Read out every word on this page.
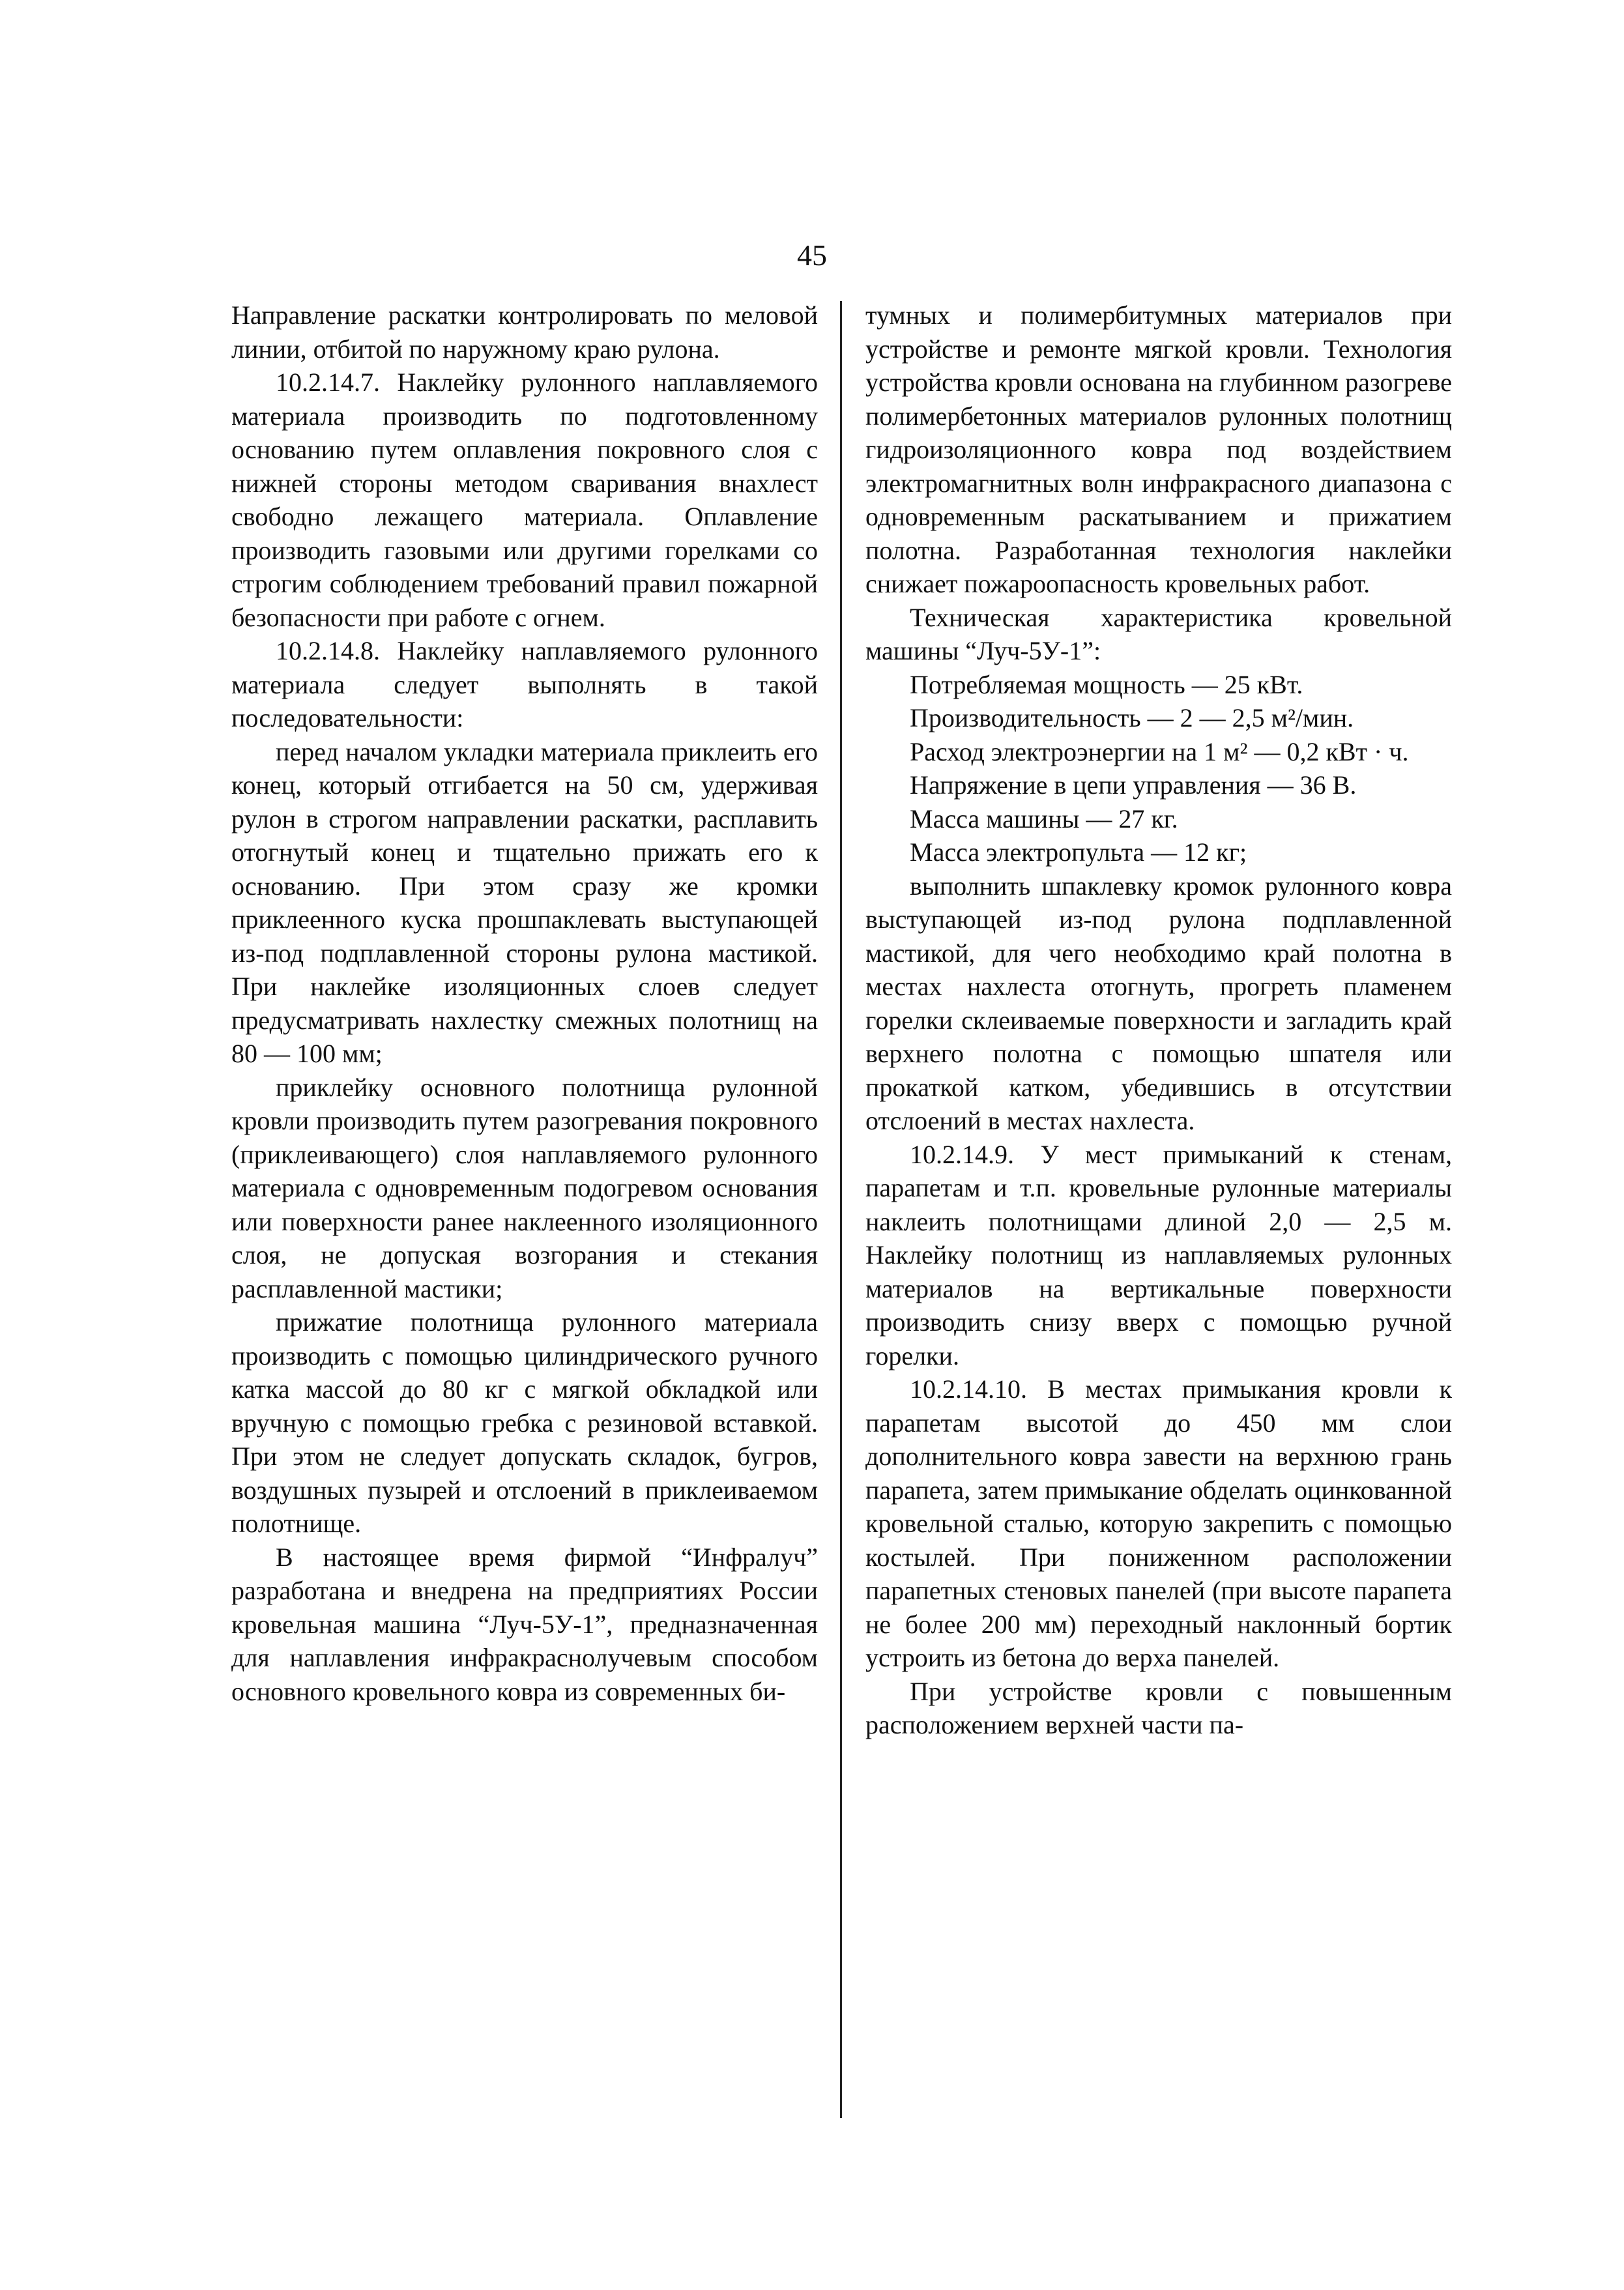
45

Направление раскатки контролировать по меловой линии, отбитой по наружному краю рулона.

10.2.14.7. Наклейку рулонного наплавляемого материала производить по подготовленному основанию путем оплавления покровного слоя с нижней стороны методом сваривания внахлест свободно лежащего материала. Оплавление производить газовыми или другими горелками со строгим соблюдением требований правил пожарной безопасности при работе с огнем.

10.2.14.8. Наклейку наплавляемого рулонного материала следует выполнять в такой последовательности:

перед началом укладки материала приклеить его конец, который отгибается на 50 см, удерживая рулон в строгом направлении раскатки, расплавить отогнутый конец и тщательно прижать его к основанию. При этом сразу же кромки приклеенного куска прошпаклевать выступающей из-под подплавленной стороны рулона мастикой. При наклейке изоляционных слоев следует предусматривать нахлестку смежных полотнищ на 80 — 100 мм;

приклейку основного полотнища рулонной кровли производить путем разогревания покровного (приклеивающего) слоя наплавляемого рулонного материала с одновременным подогревом основания или поверхности ранее наклеенного изоляционного слоя, не допуская возгорания и стекания расплавленной мастики;

прижатие полотнища рулонного материала производить с помощью цилиндрического ручного катка массой до 80 кг с мягкой обкладкой или вручную с помощью гребка с резиновой вставкой. При этом не следует допускать складок, бугров, воздушных пузырей и отслоений в приклеиваемом полотнище.

В настоящее время фирмой “Инфралуч” разработана и внедрена на предприятиях России кровельная машина “Луч-5У-1”, предназначенная для наплавления инфракраснолучевым способом основного кровельного ковра из современных би-

тумных и полимербитумных материалов при устройстве и ремонте мягкой кровли. Технология устройства кровли основана на глубинном разогреве полимербетонных материалов рулонных полотнищ гидроизоляционного ковра под воздействием электромагнитных волн инфракрасного диапазона с одновременным раскатыванием и прижатием полотна. Разработанная технология наклейки снижает пожароопасность кровельных работ.

Техническая характеристика кровельной машины “Луч-5У-1”:

Потребляемая мощность — 25 кВт.

Производительность — 2 — 2,5 м²/мин.

Расход электроэнергии на 1 м² — 0,2 кВт · ч.

Напряжение в цепи управления — 36 В.

Масса машины — 27 кг.

Масса электропульта — 12 кг;

выполнить шпаклевку кромок рулонного ковра выступающей из-под рулона подплавленной мастикой, для чего необходимо край полотна в местах нахлеста отогнуть, прогреть пламенем горелки склеиваемые поверхности и загладить край верхнего полотна с помощью шпателя или прокаткой катком, убедившись в отсутствии отслоений в местах нахлеста.

10.2.14.9. У мест примыканий к стенам, парапетам и т.п. кровельные рулонные материалы наклеить полотнищами длиной 2,0 — 2,5 м. Наклейку полотнищ из наплавляемых рулонных материалов на вертикальные поверхности производить снизу вверх с помощью ручной горелки.

10.2.14.10. В местах примыкания кровли к парапетам высотой до 450 мм слои дополнительного ковра завести на верхнюю грань парапета, затем примыкание обделать оцинкованной кровельной сталью, которую закрепить с помощью костылей. При пониженном расположении парапетных стеновых панелей (при высоте парапета не более 200 мм) переходный наклонный бортик устроить из бетона до верха панелей.

При устройстве кровли с повышенным расположением верхней части па-
